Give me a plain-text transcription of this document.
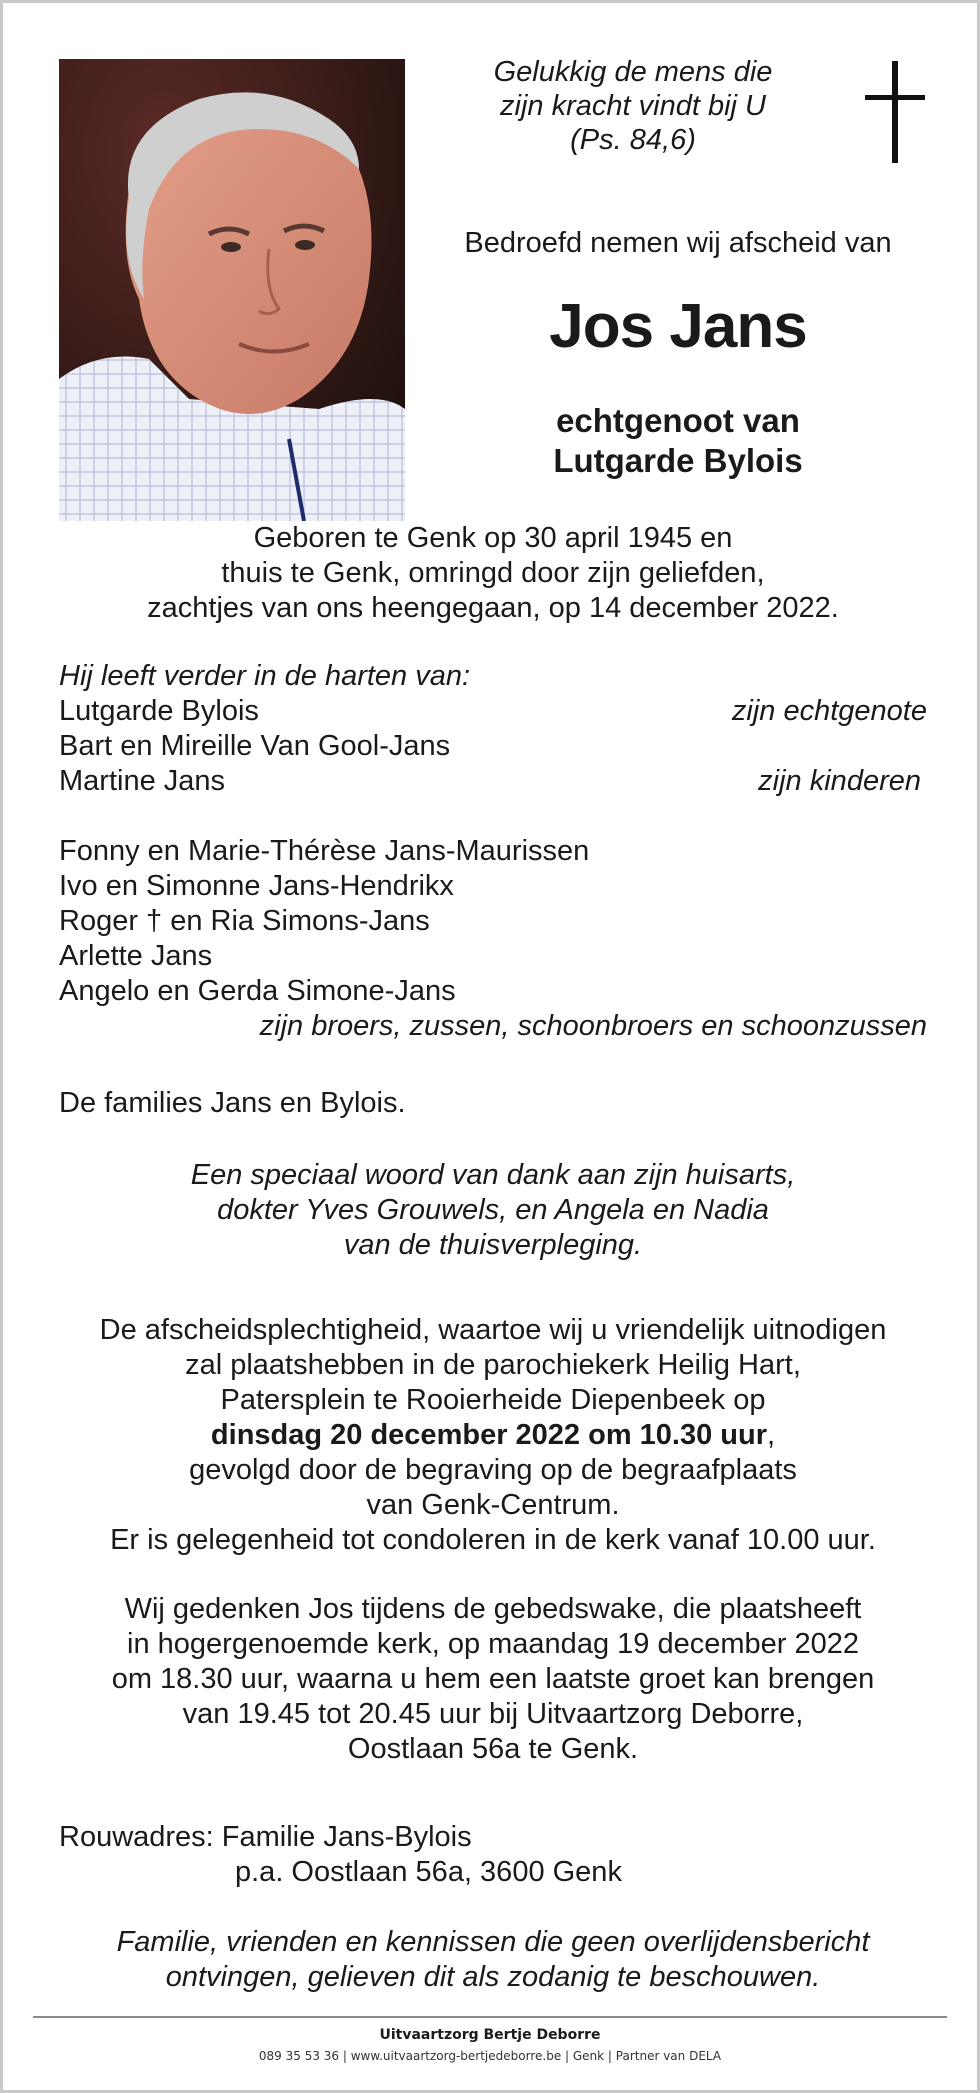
Gelukkig de mens die
zijn kracht vindt bij U
(Ps. 84,6)
Bedroefd nemen wij afscheid van
Jos Jans
echtgenoot van
Lutgarde Bylois
Geboren te Genk op 30 april 1945 en
thuis te Genk, omringd door zijn geliefden,
zachtjes van ons heengegaan, op 14 december 2022.
Hij leeft verder in de harten van:
Lutgarde Bylois	zijn echtgenote
Bart en Mireille Van Gool-Jans
Martine Jans	zijn kinderen
Fonny en Marie-Thérèse Jans-Maurissen
Ivo en Simonne Jans-Hendrikx
Roger † en Ria Simons-Jans
Arlette Jans
Angelo en Gerda Simone-Jans
zijn broers, zussen, schoonbroers en schoonzussen
De families Jans en Bylois.
Een speciaal woord van dank aan zijn huisarts,
dokter Yves Grouwels, en Angela en Nadia
van de thuisverpleging.
De afscheidsplechtigheid, waartoe wij u vriendelijk uitnodigen
zal plaatshebben in de parochiekerk Heilig Hart,
Patersplein te Rooierheide Diepenbeek op
dinsdag 20 december 2022 om 10.30 uur,
gevolgd door de begraving op de begraafplaats
van Genk-Centrum.
Er is gelegenheid tot condoleren in de kerk vanaf 10.00 uur.
Wij gedenken Jos tijdens de gebedswake, die plaatsheeft
in hogergenoemde kerk, op maandag 19 december 2022
om 18.30 uur, waarna u hem een laatste groet kan brengen
van 19.45 tot 20.45 uur bij Uitvaartzorg Deborre,
Oostlaan 56a te Genk.
Rouwadres: Familie Jans-Bylois
p.a. Oostlaan 56a, 3600 Genk
Familie, vrienden en kennissen die geen overlijdensbericht
ontvingen, gelieven dit als zodanig te beschouwen.
Uitvaartzorg Bertje Deborre
089 35 53 36 | www.uitvaartzorg-bertjedeborre.be | Genk | Partner van DELA
